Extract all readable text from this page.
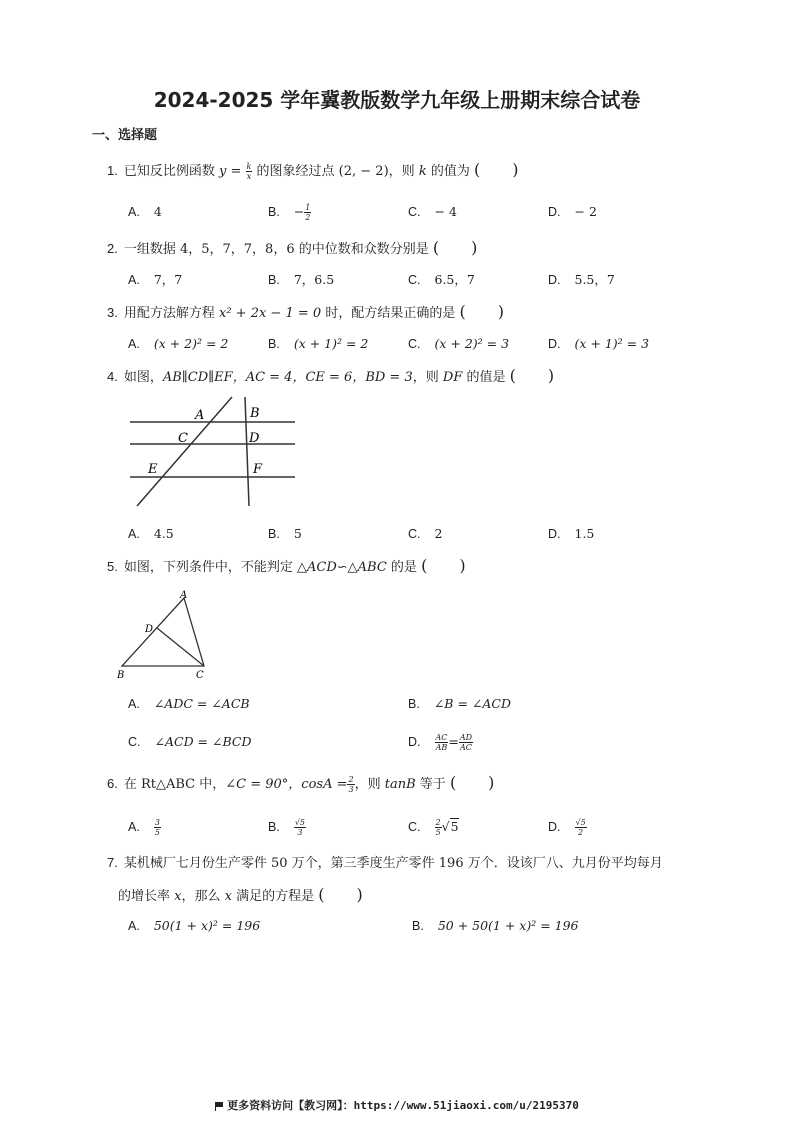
2024-2025 学年冀教版数学九年级上册期末综合试卷
一、选择题
1. 已知反比例函数 $y = \frac{k}{x}$ 的图象经过点 (2, − 2)，则 k 的值为 (　　)
A. 4	B. − $\frac{1}{2}$	C. − 4	D. − 2
2. 一组数据 4，5，7，7，8，6 的中位数和众数分别是 (　　)
A. 7，7	B. 7，6.5	C. 6.5，7	D. 5.5，7
3. 用配方法解方程 x² + 2x − 1 = 0 时，配方结果正确的是 (　　)
A. (x + 2)² = 2	B. (x + 1)² = 2	C. (x + 2)² = 3	D. (x + 1)² = 3
4. 如图，AB∥CD∥EF，AC = 4，CE = 6，BD = 3，则 DF 的值是 (　　)
A	B
C	D
E	F
A. 4.5	B. 5	C. 2	D. 1.5
5. 如图，下列条件中，不能判定 △ACD∽△ABC 的是 (　　)
A
B	C
D
A. ∠ADC = ∠ACB	B. ∠B = ∠ACD
C. ∠ACD = ∠BCD	D. $\frac{AC}{AB} = \frac{AD}{AC}$
6. 在 Rt△ABC 中，∠C = 90°，$\cos A = \frac{2}{3}$ ，则 tanB 等于 (　　)
A. $\frac{3}{5}$	B. $\frac{√5}{3}$	C. $\frac{2}{5} √5$	D. $\frac{√5}{2}$
7. 某机械厂七月份生产零件 50 万个，第三季度生产零件 196 万个．设该厂八、九月份平均每月
的增长率 x，那么 x 满足的方程是 (　　)
A. 50(1 + x)² = 196	B. 50 + 50(1 + x)² = 196
更多资料访问【教习网】：https://www.51jiaoxi.com/u/2195370
